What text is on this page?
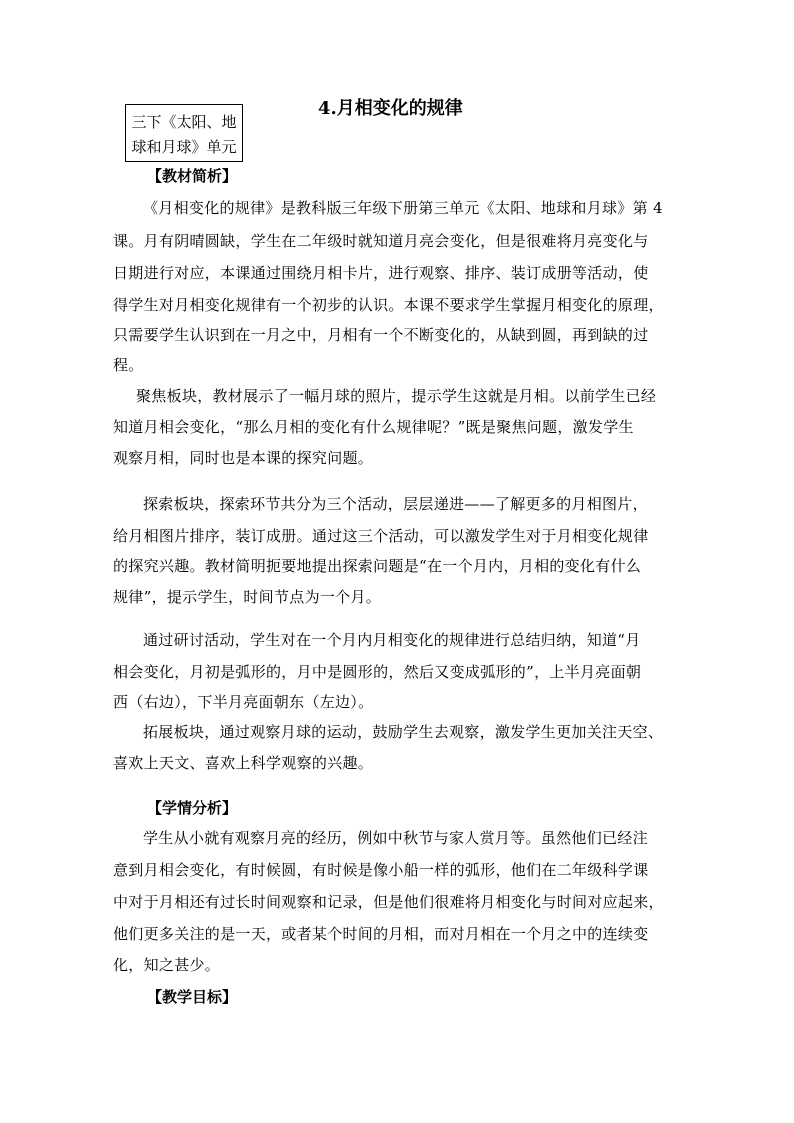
三下《太阳、地
球和月球》单元
4.月相变化的规律
【教材简析】
《月相变化的规律》是教科版三年级下册第三单元《太阳、地球和月球》第 4
课。月有阴晴圆缺，学生在二年级时就知道月亮会变化，但是很难将月亮变化与
日期进行对应，本课通过围绕月相卡片，进行观察、排序、装订成册等活动，使
得学生对月相变化规律有一个初步的认识。本课不要求学生掌握月相变化的原理，
只需要学生认识到在一月之中，月相有一个不断变化的，从缺到圆，再到缺的过
程。
聚焦板块，教材展示了一幅月球的照片，提示学生这就是月相。以前学生已经
知道月相会变化，“那么月相的变化有什么规律呢？”既是聚焦问题，激发学生
观察月相，同时也是本课的探究问题。
探索板块，探索环节共分为三个活动，层层递进——了解更多的月相图片，
给月相图片排序，装订成册。通过这三个活动，可以激发学生对于月相变化规律
的探究兴趣。教材简明扼要地提出探索问题是“在一个月内，月相的变化有什么
规律”，提示学生，时间节点为一个月。
通过研讨活动，学生对在一个月内月相变化的规律进行总结归纳，知道“月
相会变化，月初是弧形的，月中是圆形的，然后又变成弧形的”，上半月亮面朝
西（右边），下半月亮面朝东（左边）。
拓展板块，通过观察月球的运动，鼓励学生去观察，激发学生更加关注天空、
喜欢上天文、喜欢上科学观察的兴趣。
【学情分析】
学生从小就有观察月亮的经历，例如中秋节与家人赏月等。虽然他们已经注
意到月相会变化，有时候圆，有时候是像小船一样的弧形，他们在二年级科学课
中对于月相还有过长时间观察和记录，但是他们很难将月相变化与时间对应起来，
他们更多关注的是一天，或者某个时间的月相，而对月相在一个月之中的连续变
化，知之甚少。
【教学目标】
